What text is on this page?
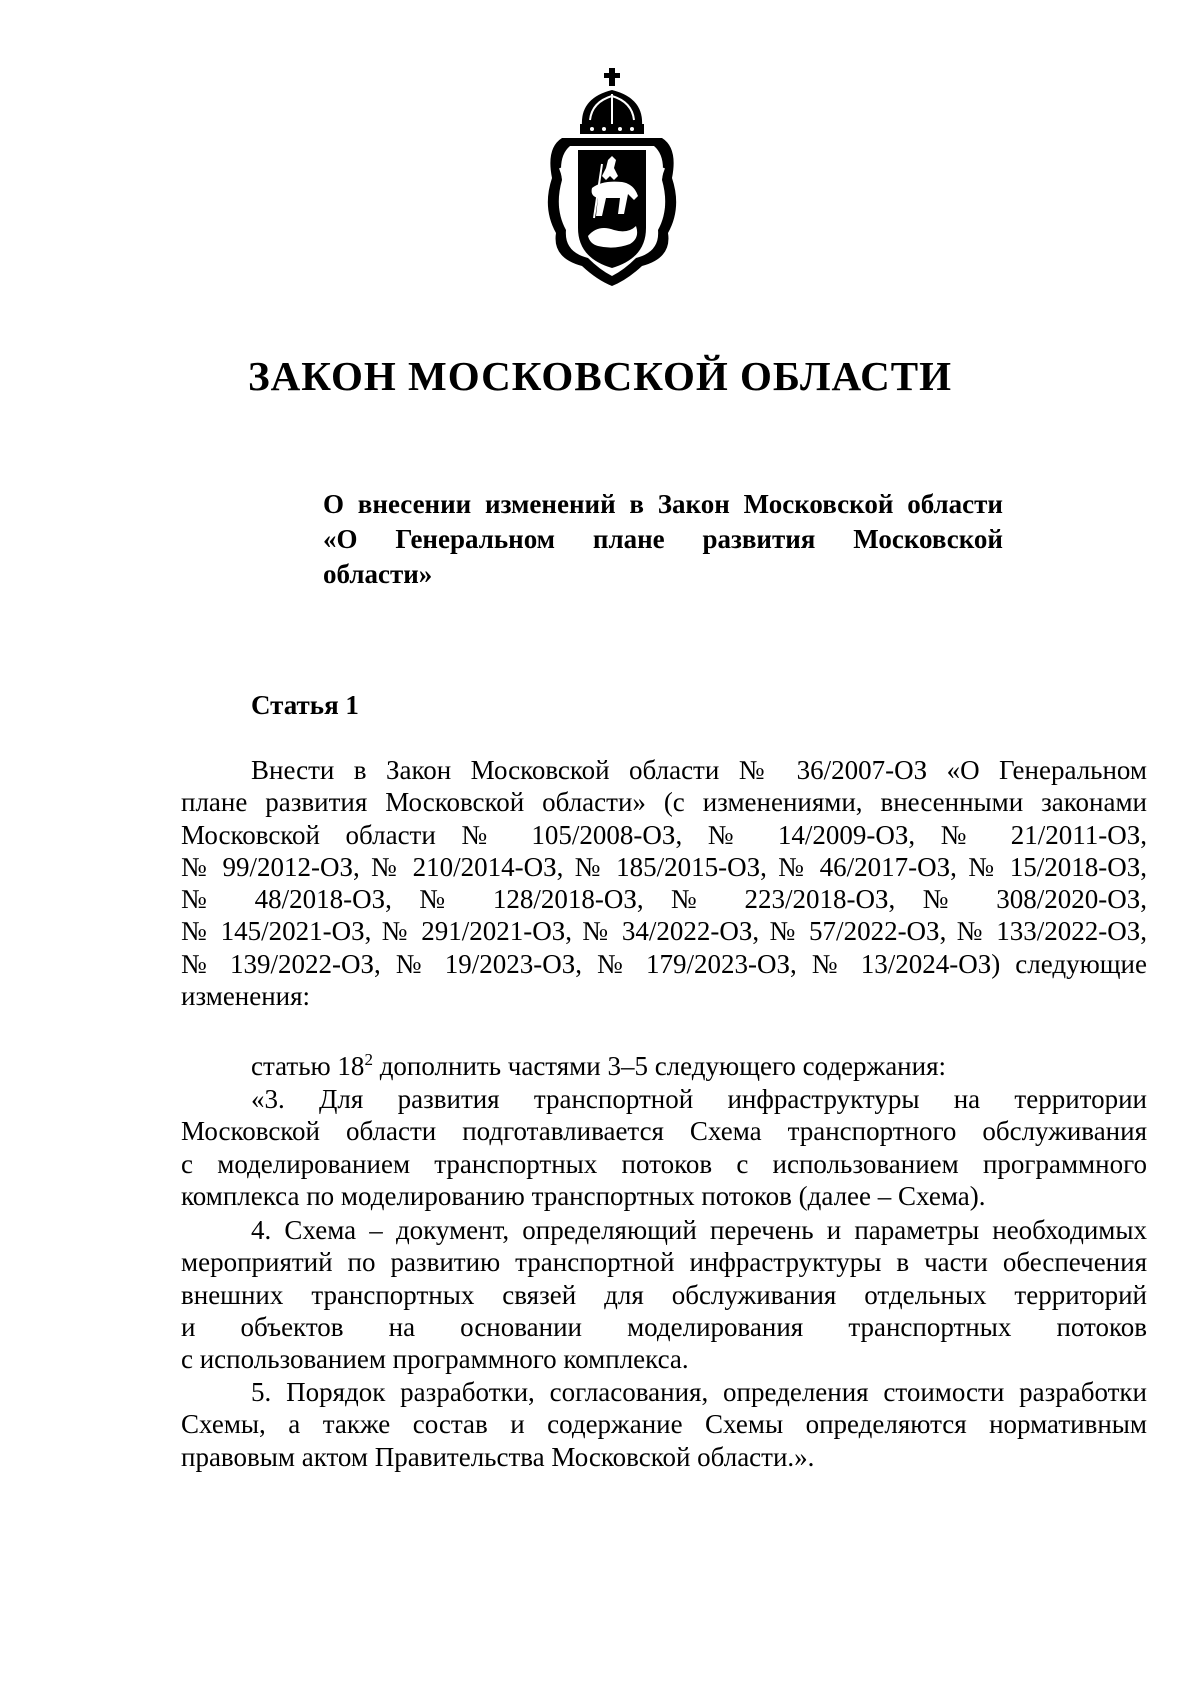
ЗАКОН МОСКОВСКОЙ ОБЛАСТИ
О внесении изменений в Закон Московской области
«О Генеральном плане развития Московской
области»
Статья 1
Внести в Закон Московской области № 36/2007-ОЗ «О Генеральном
плане развития Московской области» (с изменениями, внесенными законами
Московской области № 105/2008-ОЗ, № 14/2009-ОЗ, № 21/2011-ОЗ,
№ 99/2012-ОЗ, № 210/2014-ОЗ, № 185/2015-ОЗ, № 46/2017-ОЗ, № 15/2018-ОЗ,
№ 48/2018-ОЗ, № 128/2018-ОЗ, № 223/2018-ОЗ, № 308/2020-ОЗ,
№ 145/2021-ОЗ, № 291/2021-ОЗ, № 34/2022-ОЗ, № 57/2022-ОЗ, № 133/2022-ОЗ,
№ 139/2022-ОЗ, № 19/2023-ОЗ, № 179/2023-ОЗ, № 13/2024-ОЗ) следующие
изменения:
статью $18^2$ дополнить частями 3–5 следующего содержания:
«3. Для развития транспортной инфраструктуры на территории
Московской области подготавливается Схема транспортного обслуживания
с моделированием транспортных потоков с использованием программного
комплекса по моделированию транспортных потоков (далее – Схема).
4. Схема – документ, определяющий перечень и параметры необходимых
мероприятий по развитию транспортной инфраструктуры в части обеспечения
внешних транспортных связей для обслуживания отдельных территорий
и объектов на основании моделирования транспортных потоков
с использованием программного комплекса.
5. Порядок разработки, согласования, определения стоимости разработки
Схемы, а также состав и содержание Схемы определяются нормативным
правовым актом Правительства Московской области.».
